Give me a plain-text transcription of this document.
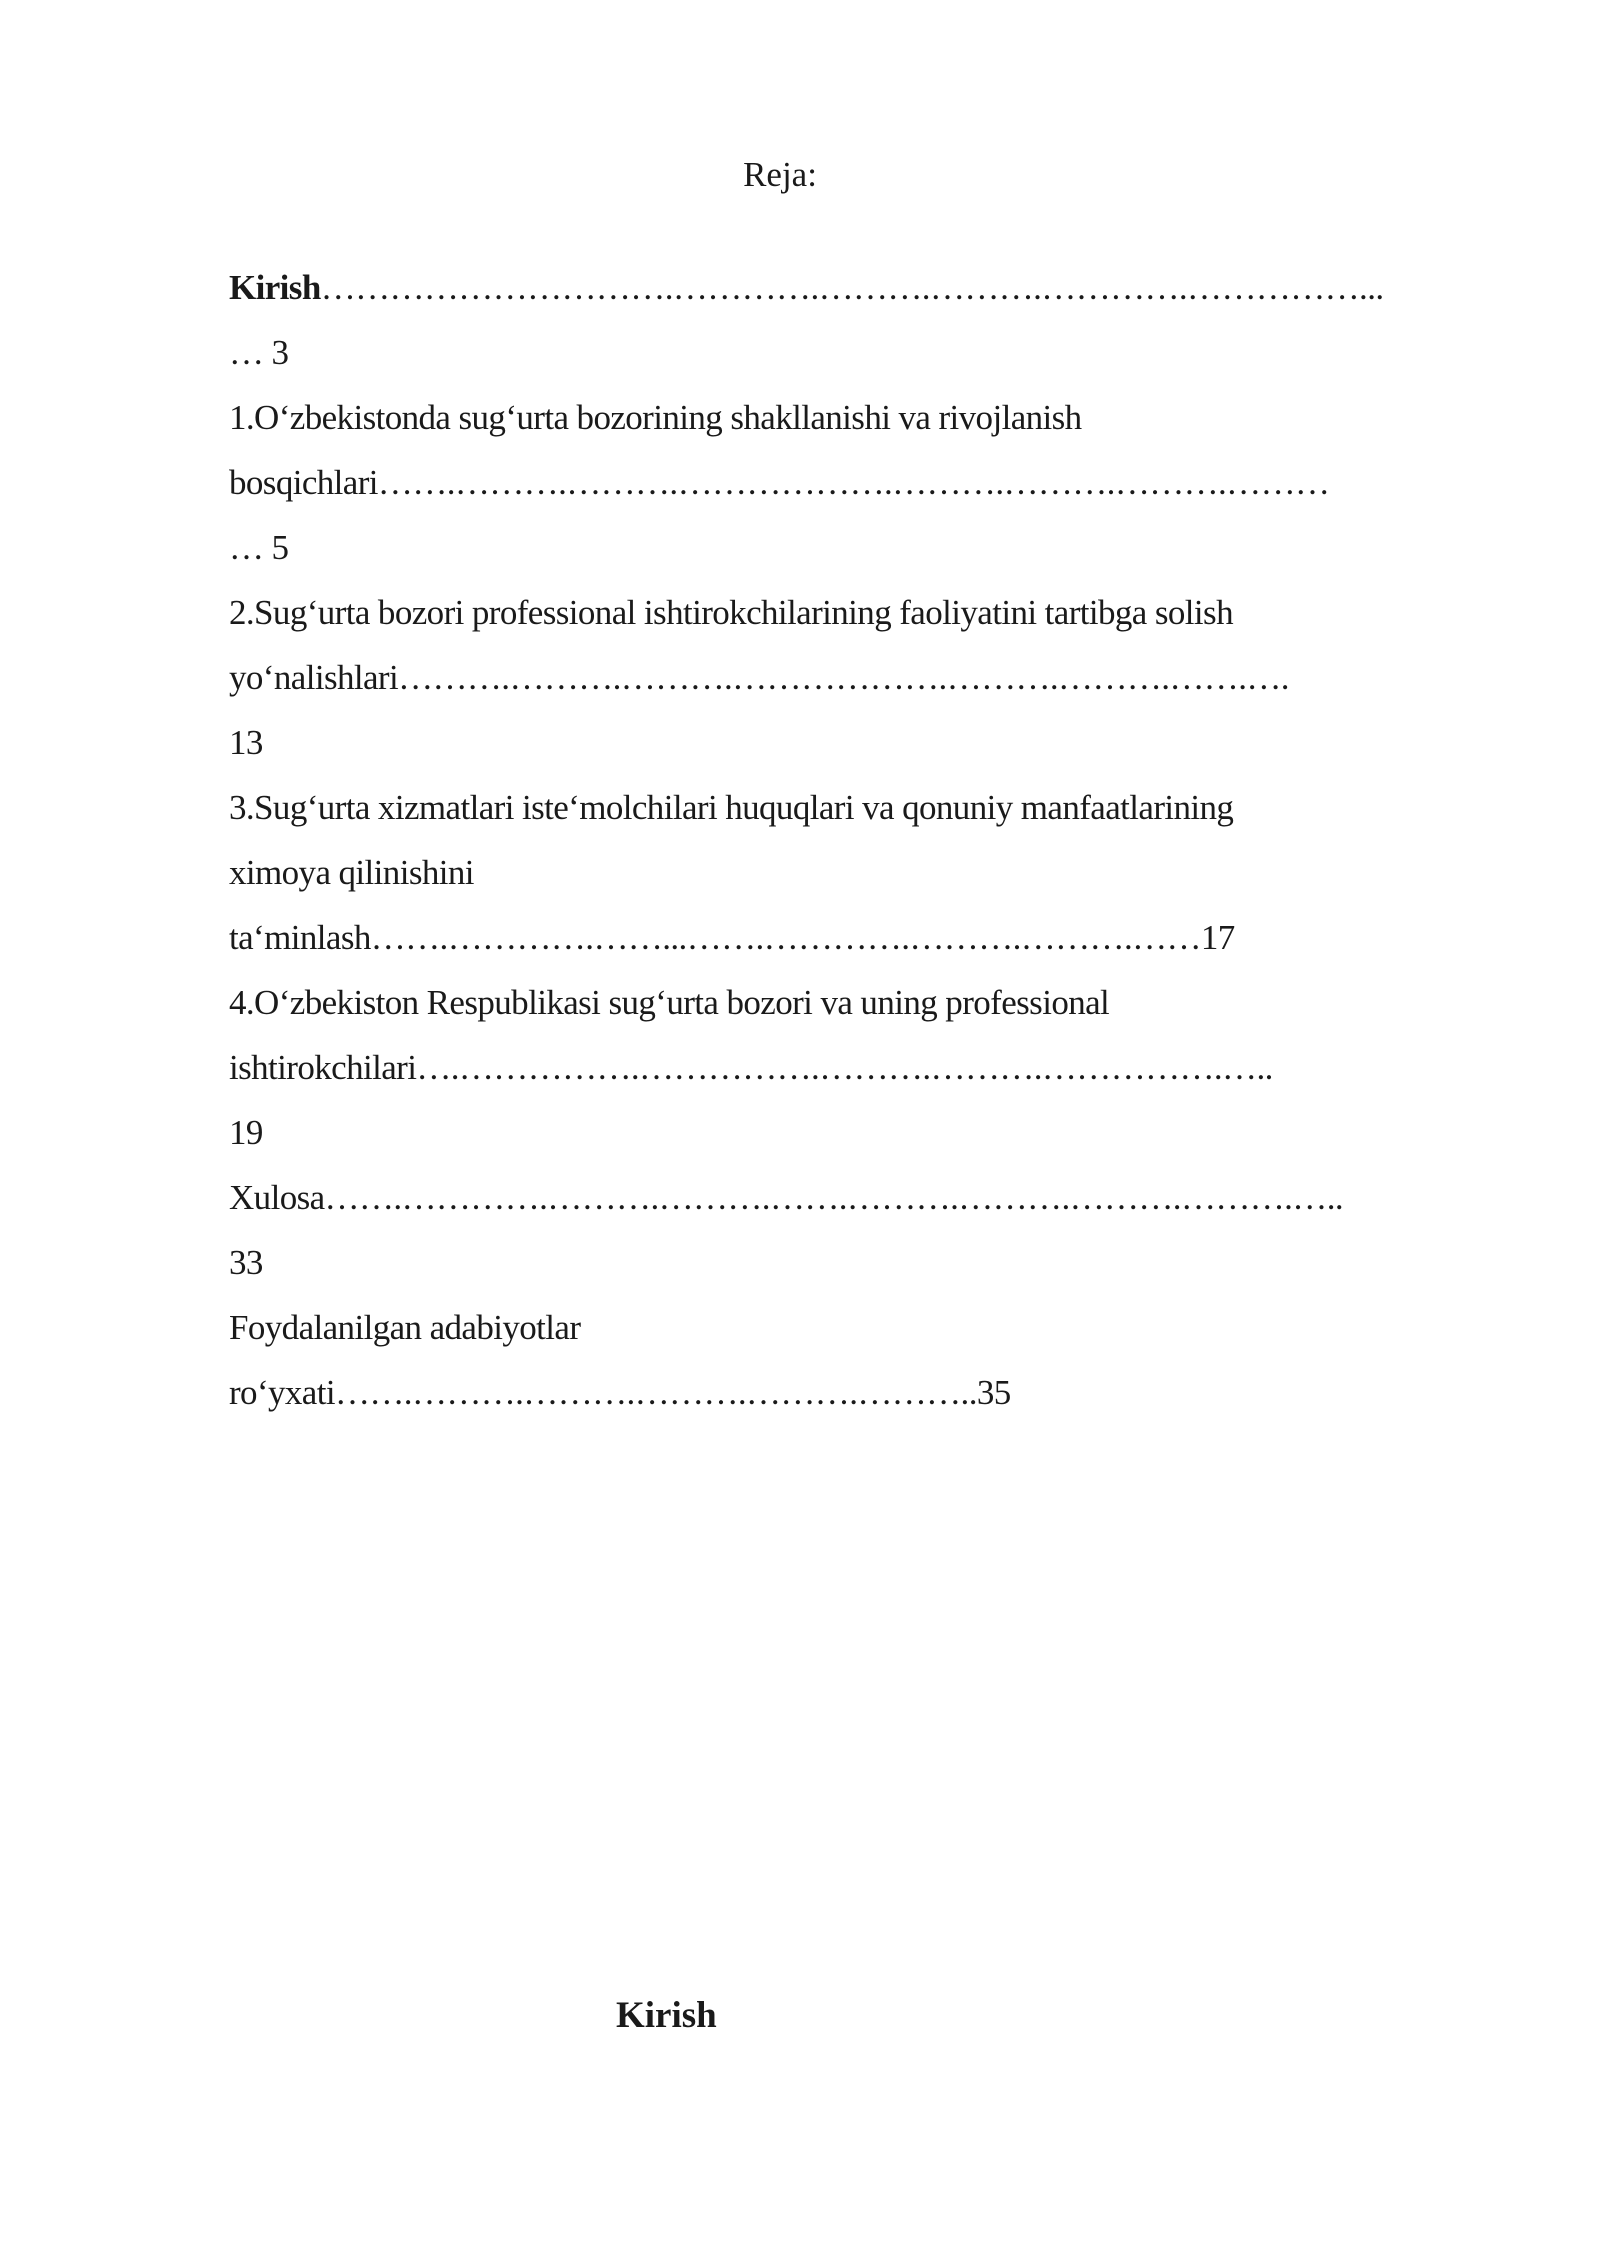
Reja:
Kirish………………………….………….……….……….………….……………...
… 3
1.O‘zbekistonda sug‘urta bozorining shakllanishi va rivojlanish
bosqichlari…….……….……….……………….……….……….……….………
… 5
2.Sug‘urta bozori professional ishtirokchilarining faoliyatini tartibga solish
yo‘nalishlari……….……….……….……………….……….……….…….….
13
3.Sug‘urta xizmatlari iste‘molchilari huquqlari va qonuniy manfaatlarining
ximoya qilinishini
ta‘minlash…….………….……...…….………….……….……….……17
4.O‘zbekiston Respublikasi sug‘urta bozori va uning professional
ishtirokchilari….…………….…………….……….……….…………….…..
19
Xulosa…….………….……….……….…….……….……….……….……….…..
33
Foydalanilgan adabiyotlar
ro‘yxati…….……….……….……….……….………..35
Kirish
